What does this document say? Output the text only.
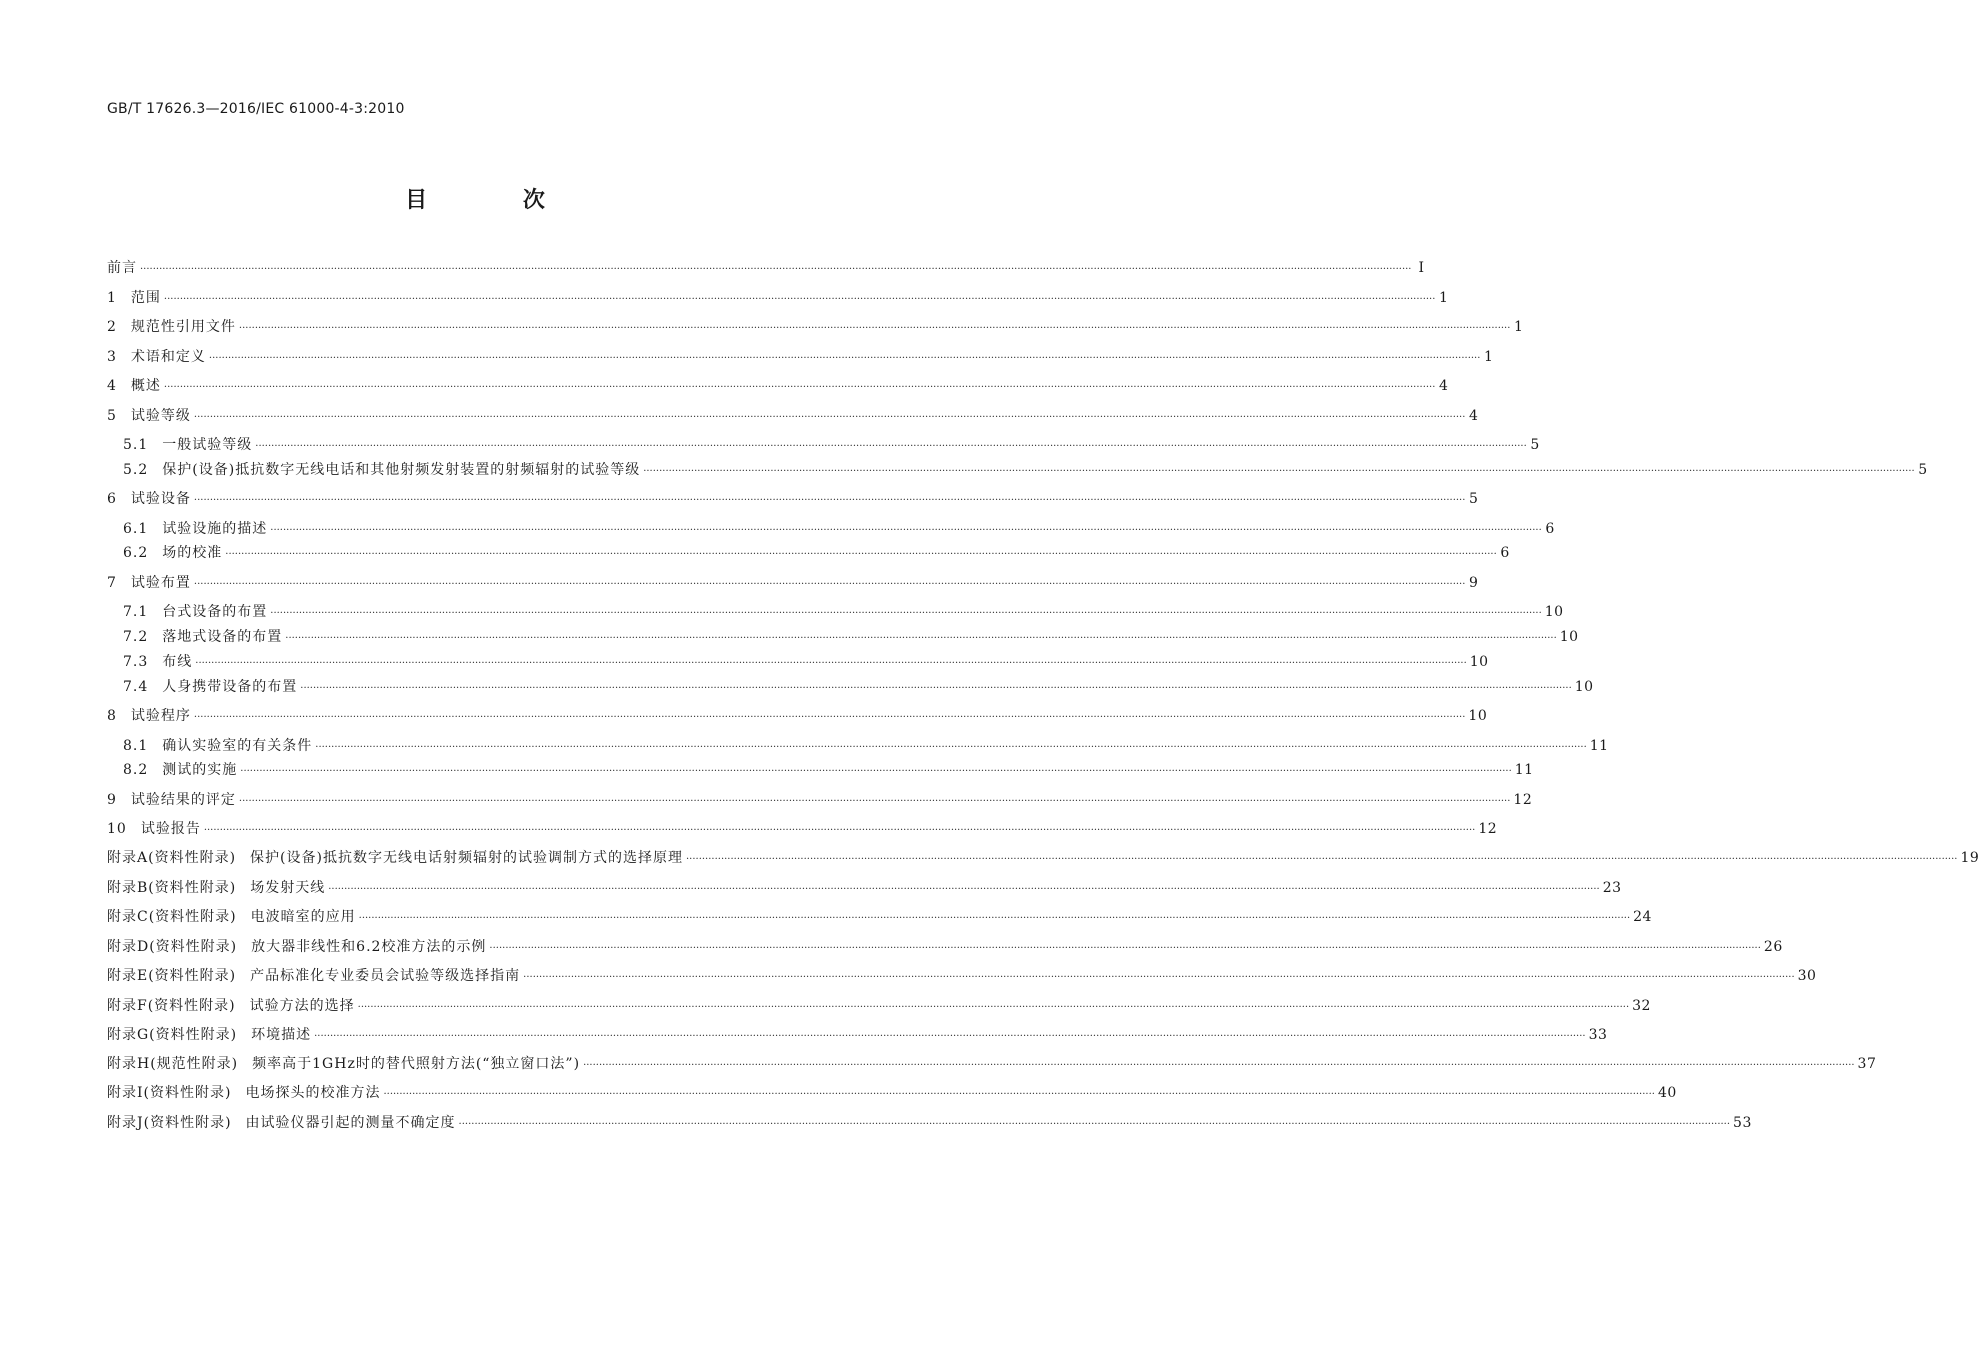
GB/T 17626.3—2016/IEC 61000-4-3:2010
目 次
前言 ················································································································································································································································································································································································································ Ⅰ
1 范围 ················································································································································································································································································································································································································ 1
2 规范性引用文件 ················································································································································································································································································································································································································ 1
3 术语和定义 ················································································································································································································································································································································································································ 1
4 概述 ················································································································································································································································································································································································································ 4
5 试验等级 ················································································································································································································································································································································································································ 4
5.1 一般试验等级 ················································································································································································································································································································································································································ 5
5.2 保护(设备)抵抗数字无线电话和其他射频发射装置的射频辐射的试验等级 ················································································································································································································································································································································································································ 5
6 试验设备 ················································································································································································································································································································································································································ 5
6.1 试验设施的描述 ················································································································································································································································································································································································································ 6
6.2 场的校准 ················································································································································································································································································································································································································ 6
7 试验布置 ················································································································································································································································································································································································································ 9
7.1 台式设备的布置 ················································································································································································································································································································································································································ 10
7.2 落地式设备的布置 ················································································································································································································································································································································································································ 10
7.3 布线 ················································································································································································································································································································································································································ 10
7.4 人身携带设备的布置 ················································································································································································································································································································································································································ 10
8 试验程序 ················································································································································································································································································································································································································ 10
8.1 确认实验室的有关条件 ················································································································································································································································································································································································································ 11
8.2 测试的实施 ················································································································································································································································································································································································································ 11
9 试验结果的评定 ················································································································································································································································································································································································································ 12
10 试验报告 ················································································································································································································································································································································································································ 12
附录A(资料性附录) 保护(设备)抵抗数字无线电话射频辐射的试验调制方式的选择原理 ················································································································································································································································································································································································································ 19
附录B(资料性附录) 场发射天线 ················································································································································································································································································································································································································ 23
附录C(资料性附录) 电波暗室的应用 ················································································································································································································································································································································································································ 24
附录D(资料性附录) 放大器非线性和6.2校准方法的示例 ················································································································································································································································································································································································································ 26
附录E(资料性附录) 产品标准化专业委员会试验等级选择指南 ················································································································································································································································································································································································································ 30
附录F(资料性附录) 试验方法的选择 ················································································································································································································································································································································································································ 32
附录G(资料性附录) 环境描述 ················································································································································································································································································································································································································ 33
附录H(规范性附录) 频率高于1GHz时的替代照射方法(“独立窗口法”) ················································································································································································································································································································································································································ 37
附录I(资料性附录) 电场探头的校准方法 ················································································································································································································································································································································································································ 40
附录J(资料性附录) 由试验仪器引起的测量不确定度 ················································································································································································································································································································································································································ 53
